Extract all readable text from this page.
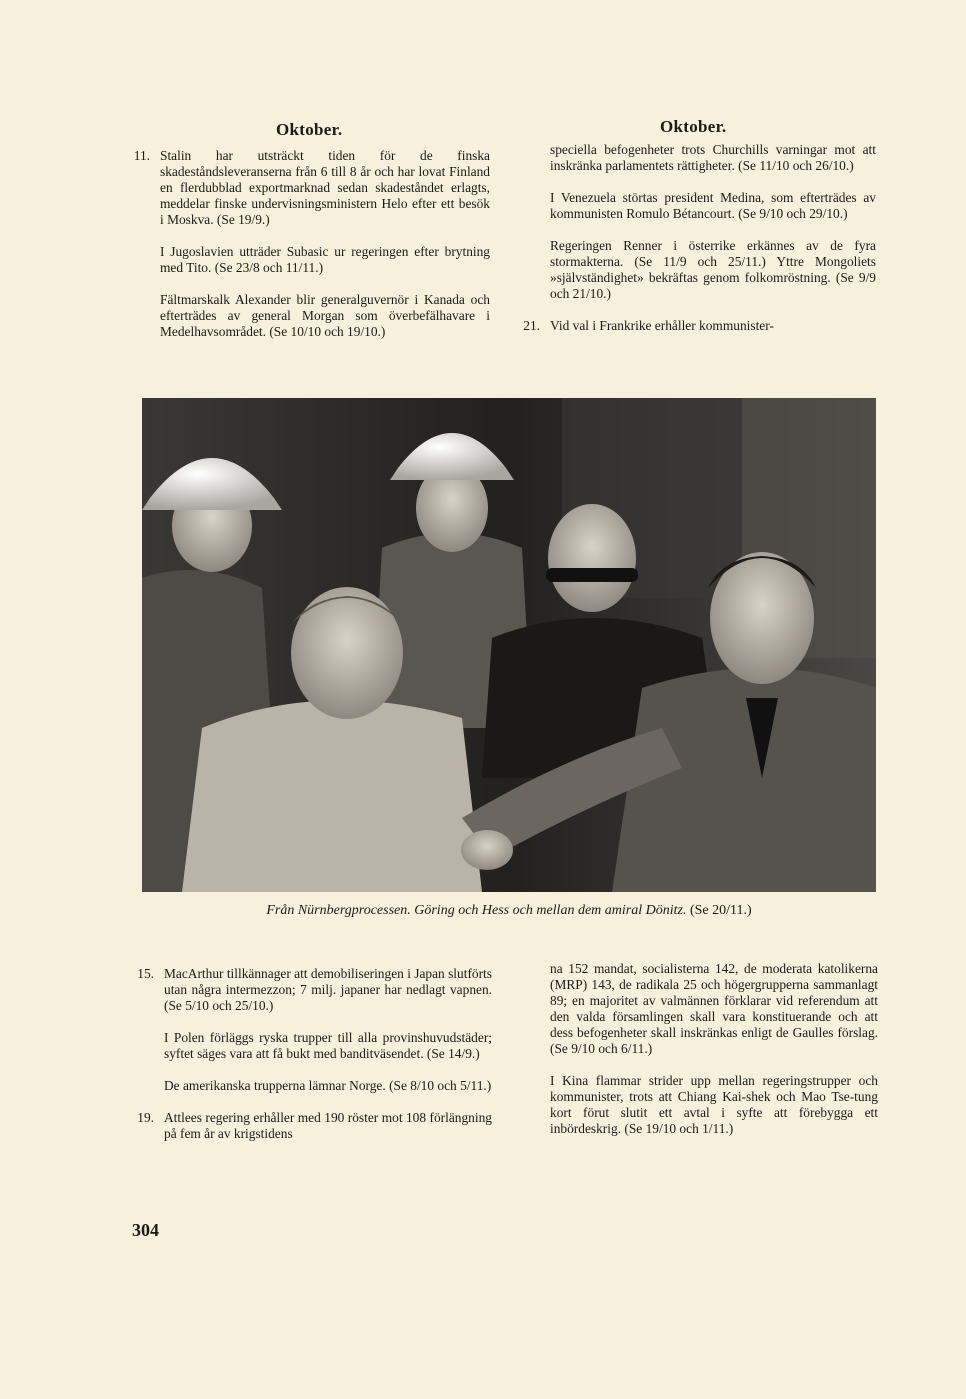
Oktober.
11. Stalin har utsträckt tiden för de finska skadeståndsleveranserna från 6 till 8 år och har lovat Finland en flerdubblad exportmarknad sedan skadeståndet erlagts, meddelar finske undervisningsministern Helo efter ett besök i Moskva. (Se 19/9.)

I Jugoslavien utträder Subasic ur regeringen efter brytning med Tito. (Se 23/8 och 11/11.)

Fältmarskalk Alexander blir generalguvernör i Kanada och efterträdes av general Morgan som överbefälhavare i Medelhavsområdet. (Se 10/10 och 19/10.)

Oktober.

speciella befogenheter trots Churchills varningar mot att inskränka parlamentets rättigheter. (Se 11/10 och 26/10.)

I Venezuela störtas president Medina, som efterträdes av kommunisten Romulo Bétancourt. (Se 9/10 och 29/10.)

Regeringen Renner i österrike erkännes av de fyra stormakterna. (Se 11/9 och 25/11.) Yttre Mongoliets »självständighet» bekräftas genom folkomröstning. (Se 9/9 och 21/10.)

21. Vid val i Frankrike erhåller kommunister-

Från Nürnbergprocessen. Göring och Hess och mellan dem amiral Dönitz. (Se 20/11.)
15. MacArthur tillkännager att demobiliseringen i Japan slutförts utan några intermezzon; 7 milj. japaner har nedlagt vapnen. (Se 5/10 och 25/10.)

I Polen förläggs ryska trupper till alla provinshuvudstäder; syftet säges vara att få bukt med banditväsendet. (Se 14/9.)

De amerikanska trupperna lämnar Norge. (Se 8/10 och 5/11.)

19. Attlees regering erhåller med 190 röster mot 108 förlängning på fem år av krigstidens

na 152 mandat, socialisterna 142, de moderata katolikerna (MRP) 143, de radikala 25 och högergrupperna sammanlagt 89; en majoritet av valmännen förklarar vid referendum att den valda församlingen skall vara konstituerande och att dess befogenheter skall inskränkas enligt de Gaulles förslag. (Se 9/10 och 6/11.)

I Kina flammar strider upp mellan regeringstrupper och kommunister, trots att Chiang Kai-shek och Mao Tse-tung kort förut slutit ett avtal i syfte att förebygga ett inbördeskrig. (Se 19/10 och 1/11.)

304
